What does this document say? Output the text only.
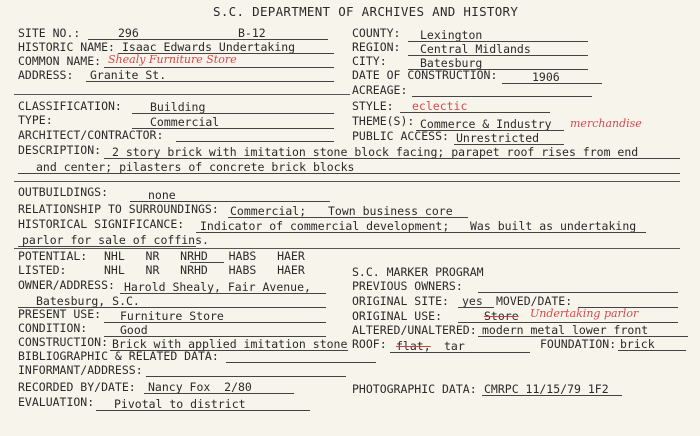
S.C. DEPARTMENT OF ARCHIVES AND HISTORY
SITE NO.:	296	B-12
HISTORIC NAME: Isaac Edwards Undertaking
COMMON NAME: Shealy Furniture Store
ADDRESS: Granite St.
CLASSIFICATION: Building
TYPE:	Commercial
ARCHITECT/CONTRACTOR:
COUNTY: Lexington
REGION: Central Midlands
CITY:	Batesburg
DATE OF CONSTRUCTION:	1906
ACREAGE:
STYLE: eclectic
THEME(S): Commerce & Industry merchandise
PUBLIC ACCESS: Unrestricted
DESCRIPTION: 2 story brick with imitation stone block facing; parapet roof rises from end
and center; pilasters of concrete brick blocks
OUTBUILDINGS:	none
RELATIONSHIP TO SURROUNDINGS: Commercial; Town business core
HISTORICAL SIGNIFICANCE: Indicator of commercial development; Was built as undertaking
parlor for sale of coffins.
POTENTIAL: NHL   NR   NRHD   HABS   HAER
LISTED:	NHL   NR   NRHD   HABS   HAER	S.C. MARKER PROGRAM
OWNER/ADDRESS: Harold Shealy, Fair Avenue,
Batesburg, S.C.
PREVIOUS OWNERS:
ORIGINAL SITE: yes MOVED/DATE:
PRESENT USE: Furniture Store	ORIGINAL USE:	Store Undertaking parlor
CONDITION:	Good	ALTERED/UNALTERED: modern metal lower front
CONSTRUCTION: Brick with applied imitation stone ROOF: flat, tar	FOUNDATION: brick
BIBLIOGRAPHIC & RELATED DATA:
INFORMANT/ADDRESS:
RECORDED BY/DATE: Nancy Fox  2/80	PHOTOGRAPHIC DATA: CMRPC 11/15/79 1F2
EVALUATION: Pivotal to district
